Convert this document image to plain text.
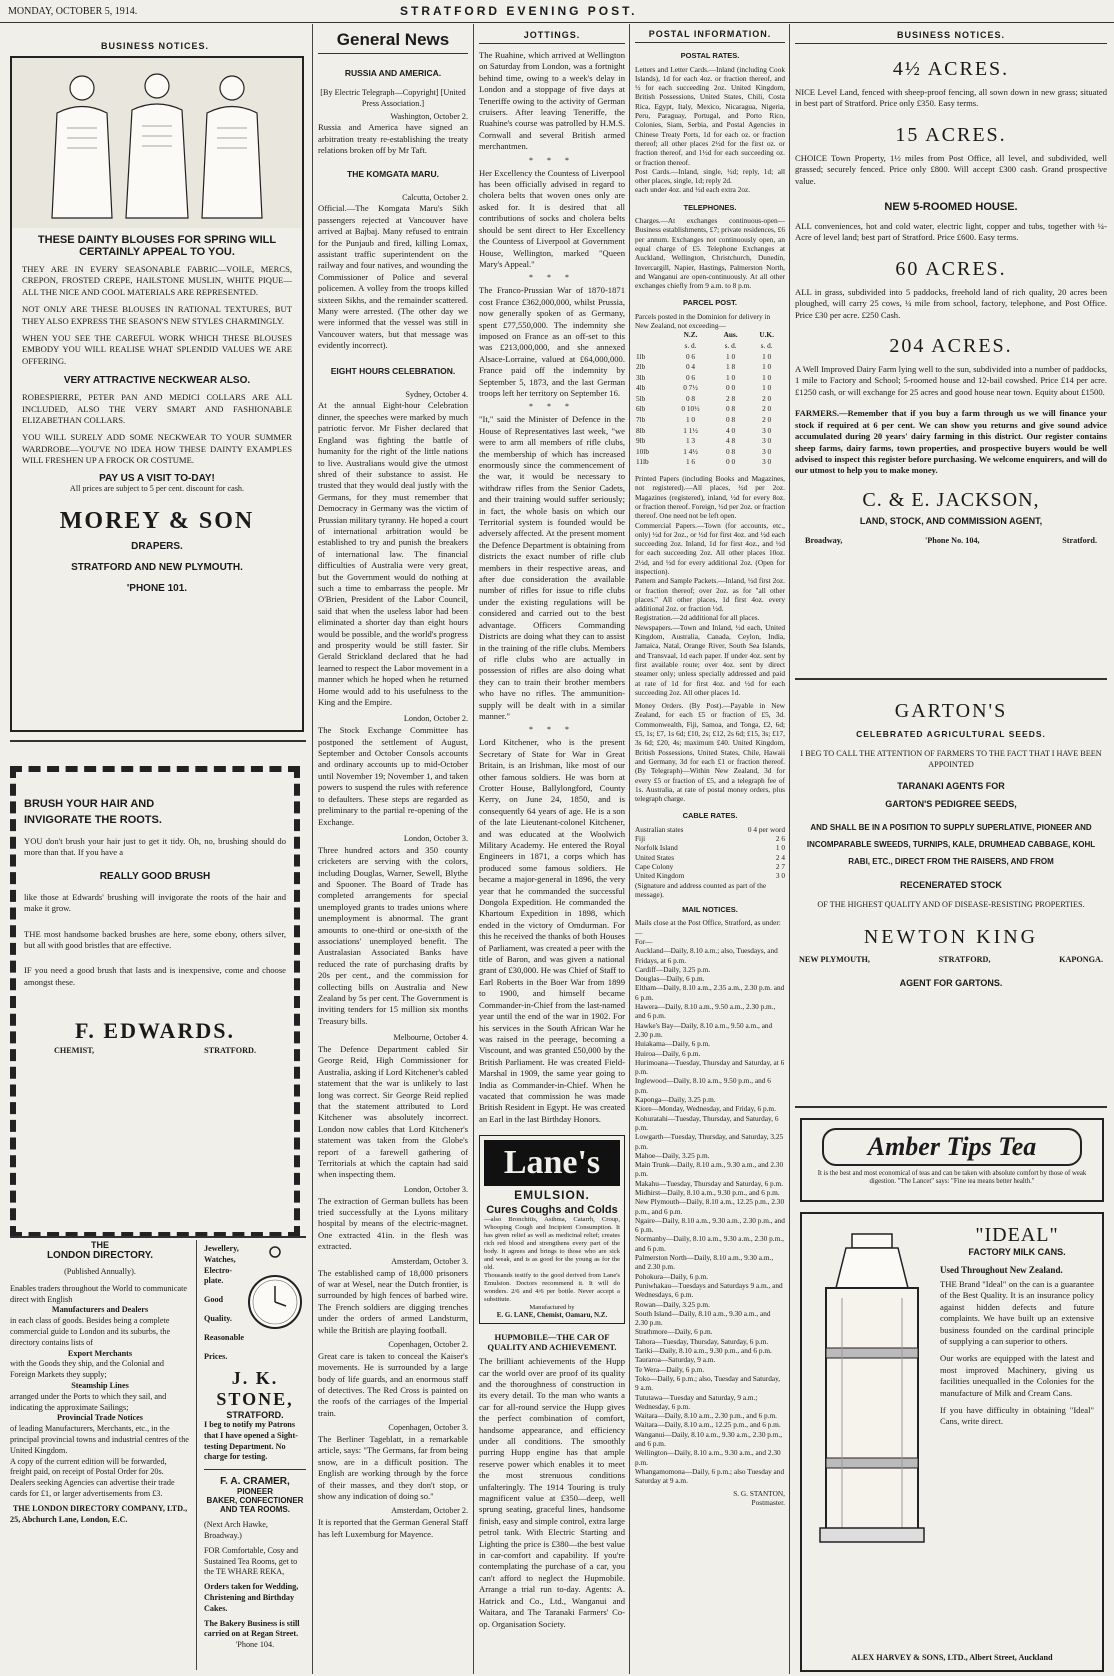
MONDAY, OCTOBER 5, 1914.	STRATFORD EVENING POST.
BUSINESS NOTICES.
THESE DAINTY BLOUSES FOR SPRING WILL
CERTAINLY APPEAL TO YOU.
THEY ARE IN EVERY SEASONABLE FABRIC—VOILE, MERCS, CREPON, FROSTED CREPE, HAILSTONE MUSLIN, WHITE PIQUE—ALL THE NICE AND COOL MATERIALS ARE REPRESENTED.
NOT ONLY ARE THESE BLOUSES IN RATIONAL TEXTURES, BUT THEY ALSO EXPRESS THE SEASON'S NEW STYLES CHARMINGLY.
WHEN YOU SEE THE CAREFUL WORK WHICH THESE BLOUSES EMBODY YOU WILL REALISE WHAT SPLENDID VALUES WE ARE OFFERING.
VERY ATTRACTIVE NECKWEAR ALSO.
ROBESPIERRE, PETER PAN AND MEDICI COLLARS ARE ALL INCLUDED, ALSO THE VERY SMART AND FASHIONABLE ELIZABETHAN COLLARS.
YOU WILL SURELY ADD SOME NECKWEAR TO YOUR SUMMER WARDROBE—YOU'VE NO IDEA HOW THESE DAINTY EXAMPLES WILL FRESHEN UP A FROCK OR COSTUME.
PAY US A VISIT TO-DAY!
All prices are subject to 5 per cent. discount for cash.
MOREY & SON
DRAPERS.
STRATFORD AND NEW PLYMOUTH.
'PHONE 101.
BRUSH YOUR HAIR AND
INVIGORATE THE ROOTS.
YOU don't brush your hair just to get it tidy. Oh, no, brushing should do more than that. If you have a
REALLY GOOD BRUSH
like those at Edwards' brushing will invigorate the roots of the hair and make it grow.
THE most handsome backed brushes are here, some ebony, others silver, but all with good bristles that are effective.
IF you need a good brush that lasts and is inexpensive, come and choose amongst these.
F. EDWARDS.
CHEMIST,	STRATFORD.
THE
LONDON DIRECTORY.
(Published Annually).
Enables traders throughout the World to communicate direct with English
Manufacturers and Dealers
in each class of goods. Besides being a complete commercial guide to London and its suburbs, the directory contains lists of
Export Merchants
with the Goods they ship, and the Colonial and Foreign Markets they supply;
Steamship Lines
arranged under the Ports to which they sail, and indicating the approximate Sailings;
Provincial Trade Notices
of leading Manufacturers, Merchants, etc., in the principal provincial towns and industrial centres of the United Kingdom.
A copy of the current edition will be forwarded, freight paid, on receipt of Postal Order for 20s.
Dealers seeking Agencies can advertise their trade cards for £1, or larger advertisements from £3.
THE LONDON DIRECTORY COMPANY, LTD.,
25, Abchurch Lane, London, E.C.
Jewellery,
Watches,
Electro-plate.
Good
Quality.
Reasonable
Prices.
J. K. STONE,
STRATFORD.
I beg to notify my Patrons that I have opened a Sight-testing Department. No charge for testing.
F. A. CRAMER,
PIONEER
BAKER, CONFECTIONER AND TEA ROOMS.
(Next Arch Hawke, Broadway.)
FOR Comfortable, Cosy and Sustained Tea Rooms, get to the TE WHARE REKA,
Orders taken for Wedding, Christening and Birthday Cakes.
The Bakery Business is still carried on at Regan Street.
'Phone 104.
General News
RUSSIA AND AMERICA.
[By Electric Telegraph—Copyright] [United Press Association.]
Washington, October 2.
Russia and America have signed an arbitration treaty re-establishing the treaty relations broken off by Mr Taft.
THE KOMGATA MARU.
Calcutta, October 2.
Official.—The Komgata Maru's Sikh passengers rejected at Vancouver have arrived at Bajbaj. Many refused to entrain for the Punjaub and fired, killing Lomax, assistant traffic superintendent on the railway and four natives, and wounding the Commissioner of Police and several policemen. A volley from the troops killed sixteen Sikhs, and the remainder scattered. Many were arrested. (The other day we were informed that the vessel was still in Vancouver waters, but that message was evidently incorrect).
EIGHT HOURS CELEBRATION.
Sydney, October 4.
At the annual Eight-hour Celebration dinner, the speeches were marked by much patriotic fervor. Mr Fisher declared that England was fighting the battle of humanity for the right of the little nations to live. Australians would give the utmost shred of their substance to assist. He trusted that they would deal justly with the Germans, for they must remember that Democracy in Germany was the victim of Prussian military tyranny. He hoped a court of international arbitration would be established to try and punish the breakers of international law. The financial difficulties of Australia were very great, but the Government would do nothing at such a time to embarrass the people. Mr O'Brien, President of the Labor Council, said that when the useless labor had been eliminated a shorter day than eight hours would be possible, and the world's progress and prosperity would be still faster. Sir Gerald Strickland declared that he had learned to respect the Labor movement in a manner which he hoped when he returned Home would add to his usefulness to the King and the Empire.
London, October 2.
The Stock Exchange Committee has postponed the settlement of August, September and October Consols accounts and ordinary accounts up to mid-October until November 19; November 1, and taken powers to suspend the rules with reference to defaulters. These steps are regarded as preliminary to the partial re-opening of the Exchange.
London, October 3.
Three hundred actors and 350 county cricketers are serving with the colors, including Douglas, Warner, Sewell, Blythe and Spooner. The Board of Trade has completed arrangements for special unemployed grants to trades unions where unemployment is abnormal. The grant amounts to one-third or one-sixth of the associations' unemployed benefit. The Australasian Associated Banks have reduced the rate of purchasing drafts by 20s per cent., and the commission for collecting bills on Australia and New Zealand by 5s per cent. The Government is inviting tenders for 15 million six months Treasury bills.
Melbourne, October 4.
The Defence Department cabled Sir George Reid, High Commissioner for Australia, asking if Lord Kitchener's cabled statement that the war is unlikely to last long was correct. Sir George Reid replied that the statement attributed to Lord Kitchener was absolutely incorrect. London now cables that Lord Kitchener's statement was taken from the Globe's report of a farewell gathering of Territorials at which the captain had said when inspecting them.
London, October 3.
The extraction of German bullets has been tried successfully at the Lyons military hospital by means of the electric-magnet. One extracted 41in. in the flesh was extracted.
Amsterdam, October 3.
The established camp of 18,000 prisoners of war at Wesel, near the Dutch frontier, is surrounded by high fences of barbed wire. The French soldiers are digging trenches under the orders of armed Landsturm, while the British are playing football.
Copenhagen, October 2.
Great care is taken to conceal the Kaiser's movements. He is surrounded by a large body of life guards, and an enormous staff of detectives. The Red Cross is painted on the roofs of the carriages of the Imperial train.
Copenhagen, October 3.
The Berliner Tageblatt, in a remarkable article, says: "The Germans, far from being snow, are in a difficult position. The English are working through by the force of their masses, and they don't stop, or show any indication of doing so."
Amsterdam, October 2.
It is reported that the German General Staff has left Luxemburg for Mayence.
JOTTINGS.
The Ruahine, which arrived at Wellington on Saturday from London, was a fortnight behind time, owing to a week's delay in London and a stoppage of five days at Teneriffe owing to the activity of German cruisers. After leaving Teneriffe, the Ruahine's course was patrolled by H.M.S. Cornwall and several British armed merchantmen.
* * *
Her Excellency the Countess of Liverpool has been officially advised in regard to cholera belts that woven ones only are asked for. It is desired that all contributions of socks and cholera belts should be sent direct to Her Excellency the Countess of Liverpool at Government House, Wellington, marked "Queen Mary's Appeal."
* * *
The Franco-Prussian War of 1870-1871 cost France £362,000,000, whilst Prussia, now generally spoken of as Germany, spent £77,550,000. The indemnity she imposed on France as an off-set to this was £213,000,000, and she annexed Alsace-Lorraine, valued at £64,000,000. France paid off the indemnity by September 5, 1873, and the last German troops left her territory on September 16.
* * *
"It," said the Minister of Defence in the House of Representatives last week, "we were to arm all members of rifle clubs, the membership of which has increased enormously since the commencement of the war, it would be necessary to withdraw rifles from the Senior Cadets, and their training would suffer seriously; in fact, the whole basis on which our Territorial system is founded would be adversely affected. At the present moment the Defence Department is obtaining from districts the exact number of rifle club members in their respective areas, and after due consideration the available number of rifles for issue to rifle clubs under the existing regulations will be considered and carried out to the best advantage. Officers Commanding Districts are doing what they can to assist in the training of the rifle clubs. Members of rifle clubs who are actually in possession of rifles are also doing what they can to train their brother members who have no rifles. The ammunition-supply will be dealt with in a similar manner."
* * *
Lord Kitchener, who is the present Secretary of State for War in Great Britain, is an Irishman, like most of our other famous soldiers. He was born at Crotter House, Ballylongford, County Kerry, on June 24, 1850, and is consequently 64 years of age. He is a son of the late Lieutenant-colonel Kitchener, and was educated at the Woolwich Military Academy. He entered the Royal Engineers in 1871, a corps which has produced some famous soldiers. He became a major-general in 1896, the very year that he commanded the successful Dongola Expedition. He commanded the Khartoum Expedition in 1898, which ended in the victory of Omdurman. For this he received the thanks of both Houses of Parliament, was created a peer with the title of Baron, and was given a national grant of £30,000. He was Chief of Staff to Earl Roberts in the Boer War from 1899 to 1900, and himself became Commander-in-Chief from the last-named year until the end of the war in 1902. For his services in the South African War he was raised in the peerage, becoming a Viscount, and was granted £50,000 by the British Parliament. He was created Field-Marshal in 1909, the same year going to India as Commander-in-Chief. When he vacated that commission he was made British Resident in Egypt. He was created an Earl in the last Birthday Honors.
Lane's
EMULSION.
Cures Coughs and Colds
—also Bronchitis, Asthma, Catarrh, Croup, Whooping Cough and Incipient Consumption. It has given relief as well as medicinal relief; creates rich red blood and strengthens every part of the body. It agrees and brings to those who are sick and weak, and is as good for the young as for the old.
Thousands testify to the good derived from Lane's Emulsion. Doctors recommend it. It will do wonders. 2/6 and 4/6 per bottle. Never accept a substitute.
Manufactured by
E. G. LANE, Chemist, Oamaru, N.Z.
HUPMOBILE—THE CAR OF QUALITY AND ACHIEVEMENT.
The brilliant achievements of the Hupp car the world over are proof of its quality and the thoroughness of construction in its every detail. To the man who wants a car for all-round service the Hupp gives the perfect combination of comfort, handsome appearance, and efficiency under all conditions. The smoothly purring Hupp engine has that ample reserve power which enables it to meet the most strenuous conditions unfalteringly. The 1914 Touring is truly magnificent value at £350—deep, well sprung seating, graceful lines, handsome finish, easy and simple control, extra large petrol tank. With Electric Starting and Lighting the price is £380—the best value in car-comfort and capability. If you're contemplating the purchase of a car, you can't afford to neglect the Hupmobile. Arrange a trial run to-day. Agents: A. Hatrick and Co., Ltd., Wanganui and Waitara, and The Taranaki Farmers' Co-op. Organisation Society.
POSTAL INFORMATION.
POSTAL RATES.
Letters and Letter Cards.—Inland (including Cook Islands), 1d for each 4oz. or fraction thereof, and ½ for each succeeding 2oz. United Kingdom, British Possessions, United States, Chili, Costa Rica, Egypt, Italy, Mexico, Nicaragua, Nigeria, Peru, Paraguay, Portugal, and Porto Rico, Colonies, Siam, Serbia, and Postal Agencies in Chinese Treaty Ports, 1d for each oz. or fraction thereof; all other places 2½d for the first oz. or fraction thereof, and 1½d for each succeeding oz. or fraction thereof.
Post Cards.—Inland, single, ½d; reply, 1d; all other places, single, 1d; reply 2d.
each under 4oz. and ½d each extra 2oz.
TELEPHONES.
Charges.—At exchanges continuous-open—Business establishments, £7; private residences, £6 per annum. Exchanges not continuously open, an equal charge of £5. Telephone Exchanges at Auckland, Wellington, Christchurch, Dunedin, Invercargill, Napier, Hastings, Palmerston North, and Wanganui are open-continuously. At all other exchanges chiefly from 9 a.m. to 8 p.m.
PARCEL POST.
Parcels posted in the Dominion for delivery in New Zealand, not exceeding—
	N.Z.	Aus.	U.K.
	s. d.	s. d.	s. d.
1lb	0 6	1 0	1 0
2lb	0 4	1 8	1 0
3lb	0 6	1 0	1 0
4lb	0 7½	0 0	1 0
5lb	0 8	2 8	2 0
6lb	0 10½	0 8	2 0
7lb	1 0	0 8	2 0
8lb	1 1½	4 0	3 0
9lb	1 3	4 8	3 0
10lb	1 4½	0 8	3 0
11lb	1 6	0 0	3 0
Printed Papers (including Books and Magazines, not registered).—All places, ½d per 2oz. Magazines (registered), inland, ½d for every 8oz. or fraction thereof. Foreign, ½d per 2oz. or fraction thereof. One need not be left open.
Commercial Papers.—Town (for accounts, etc., only) ½d for 2oz., or ½d for first 4oz. and ½d each succeeding 2oz. Inland, 1d for first 4oz., and ½d for each succeeding 2oz. All other places 10oz. 2½d, and ½d for every additional 2oz. (Open for inspection).
Pattern and Sample Packets.—Inland, ½d first 2oz. or fraction thereof; over 2oz. as for "all other places." All other places, 1d first 4oz. every additional 2oz. or fraction ½d.
Registration.—2d additional for all places.
Newspapers.—Town and Inland, ½d each, United Kingdom, Australia, Canada, Ceylon, India, Jamaica, Natal, Orange River, South Sea Islands, and Transvaal, 1d each paper. If under 4oz. sent by first available route; over 4oz. sent by direct steamer only; unless specially addressed and paid at rate of 1d for first 4oz. and ½d for each succeeding 2oz. All other places 1d.
Money Orders. (By Post).—Payable in New Zealand, for each £5 or fraction of £5, 3d. Commonwealth, Fiji, Samoa, and Tonga, £2, 6d; £5, 1s; £7, 1s 6d; £10, 2s; £12, 2s 6d; £15, 3s; £17, 3s 6d; £20, 4s; maximum £40. United Kingdom, British Possessions, United States, Chile, Hawaii and Germany, 3d for each £1 or fraction thereof. (By Telegraph)—Within New Zealand, 3d for every £5 or fraction of £5, and a telegraph fee of 1s. Australia, at rate of postal money orders, plus telegraph charge.
CABLE RATES.
Australian states	0 4 per word
Fiji	2 6
Norfolk Island	1 0
United States	2 4
Cape Colony	2 7
United Kingdom	3 0
(Signature and address counted as part of the message).
MAIL NOTICES.
Mails close at the Post Office, Stratford, as under:—
For—
Auckland—Daily, 8.10 a.m.; also, Tuesdays, and Fridays, at 6 p.m.
Cardiff—Daily, 3.25 p.m.
Douglas—Daily, 6 p.m.
Eltham—Daily, 8.10 a.m., 2.35 a.m., 2.30 p.m. and 6 p.m.
Hawera—Daily, 8.10 a.m., 9.50 a.m., 2.30 p.m., and 6 p.m.
Hawke's Bay—Daily, 8.10 a.m., 9.50 a.m., and 2.30 p.m.
Huiakama—Daily, 6 p.m.
Huiroa—Daily, 6 p.m.
Hurimoana—Tuesday, Thursday and Saturday, at 6 p.m.
Inglewood—Daily, 8.10 a.m., 9.50 p.m., and 6 p.m.
Kaponga—Daily, 3.25 p.m.
Kiore—Monday, Wednesday, and Friday, 6 p.m.
Kohuratahi—Tuesday, Thursday, and Saturday, 6 p.m.
Lowgarth—Tuesday, Thursday, and Saturday, 3.25 p.m.
Mahoe—Daily, 3.25 p.m.
Main Trunk—Daily, 8.10 a.m., 9.30 a.m., and 2.30 p.m.
Makahu—Tuesday, Thursday and Saturday, 6 p.m.
Midhirst—Daily, 8.10 a.m., 9.30 p.m., and 6 p.m.
New Plymouth—Daily, 8.10 a.m., 12.25 p.m., 2.30 p.m., and 6 p.m.
Ngaire—Daily, 8.10 a.m., 9.30 a.m., 2.30 p.m., and 6 p.m.
Normanby—Daily, 8.10 a.m., 9.30 a.m., 2.30 p.m., and 6 p.m.
Palmerston North—Daily, 8.10 a.m., 9.30 a.m., and 2.30 p.m.
Pohokura—Daily, 6 p.m.
Puniwhakau—Tuesdays and Saturdays 9 a.m., and Wednesdays, 6 p.m.
Rowan—Daily, 3.25 p.m.
South Island—Daily, 8.10 a.m., 9.30 a.m., and 2.30 p.m.
Strathmore—Daily, 6 p.m.
Tahora—Tuesday, Thursday, Saturday, 6 p.m.
Tariki—Daily, 8.10 a.m., 9.30 p.m., and 6 p.m.
Tauraroa—Saturday, 9 a.m.
Te Wera—Daily, 6 p.m.
Toko—Daily, 6 p.m.; also, Tuesday and Saturday, 9 a.m.
Tututawa—Tuesday and Saturday, 9 a.m.; Wednesday, 6 p.m.
Waitara—Daily, 8.10 a.m., 2.30 p.m., and 6 p.m.
Waitara—Daily, 8.10 a.m., 12.25 p.m., and 6 p.m.
Wanganui—Daily, 8.10 a.m., 9.30 a.m., 2.30 p.m., and 6 p.m.
Wellington—Daily, 8.10 a.m., 9.30 a.m., and 2.30 p.m.
Whangamomona—Daily, 6 p.m.; also Tuesday and Saturday at 9 a.m.
S. G. STANTON,
Postmaster.
BUSINESS NOTICES.
4½ ACRES.
NICE Level Land, fenced with sheep-proof fencing, all sown down in new grass; situated in best part of Stratford. Price only £350. Easy terms.
15 ACRES.
CHOICE Town Property, 1½ miles from Post Office, all level, and subdivided, well grassed; securely fenced. Price only £800. Will accept £300 cash. Grand prospective value.
NEW 5-ROOMED HOUSE.
ALL conveniences, hot and cold water, electric light, copper and tubs, together with ¼-Acre of level land; best part of Stratford. Price £600. Easy terms.
60 ACRES.
ALL in grass, subdivided into 5 paddocks, freehold land of rich quality, 20 acres been ploughed, will carry 25 cows, ¼ mile from school, factory, telephone, and Post Office. Price £30 per acre. £250 Cash.
204 ACRES.
A Well Improved Dairy Farm lying well to the sun, subdivided into a number of paddocks, 1 mile to Factory and School; 5-roomed house and 12-bail cowshed. Price £14 per acre. £1250 cash, or will exchange for 25 acres and good house near town. Equity about £1500.
FARMERS.—Remember that if you buy a farm through us we will finance your stock if required at 6 per cent. We can show you returns and give sound advice accumulated during 20 years' dairy farming in this district. Our register contains sheep farms, dairy farms, town properties, and prospective buyers would be well advised to inspect this register before purchasing. We welcome enquirers, and will do our utmost to help you to make money.
C. & E. JACKSON,
LAND, STOCK, AND COMMISSION AGENT,
Broadway,	'Phone No. 104,	Stratford.
GARTON'S
CELEBRATED AGRICULTURAL SEEDS.
I BEG TO CALL THE ATTENTION OF FARMERS TO THE FACT THAT I HAVE BEEN APPOINTED
TARANAKI AGENTS FOR
GARTON'S PEDIGREE SEEDS,
AND SHALL BE IN A POSITION TO SUPPLY SUPERLATIVE, PIONEER AND INCOMPARABLE SWEEDS, TURNIPS, KALE, DRUMHEAD CABBAGE, KOHL RABI, ETC., DIRECT FROM THE RAISERS, AND FROM
RECENERATED STOCK
OF THE HIGHEST QUALITY AND OF DISEASE-RESISTING PROPERTIES.
NEWTON KING
NEW PLYMOUTH,	STRATFORD,	KAPONGA.
AGENT FOR GARTONS.
Amber Tips Tea
It is the best and most economical of teas and can be taken with absolute comfort by those of weak digestion. "The Lancet" says: "Fine tea means better health."
"IDEAL"
FACTORY MILK CANS.
Used Throughout New Zealand.
THE Brand "Ideal" on the can is a guarantee of the Best Quality. It is an insurance policy against hidden defects and future complaints. We have built up an extensive business founded on the cardinal principle of supplying a can superior to others.
Our works are equipped with the latest and most improved Machinery, giving us facilities unequalled in the Colonies for the manufacture of Milk and Cream Cans.
If you have difficulty in obtaining "Ideal" Cans, write direct.
ALEX HARVEY & SONS, LTD., Albert Street, Auckland
